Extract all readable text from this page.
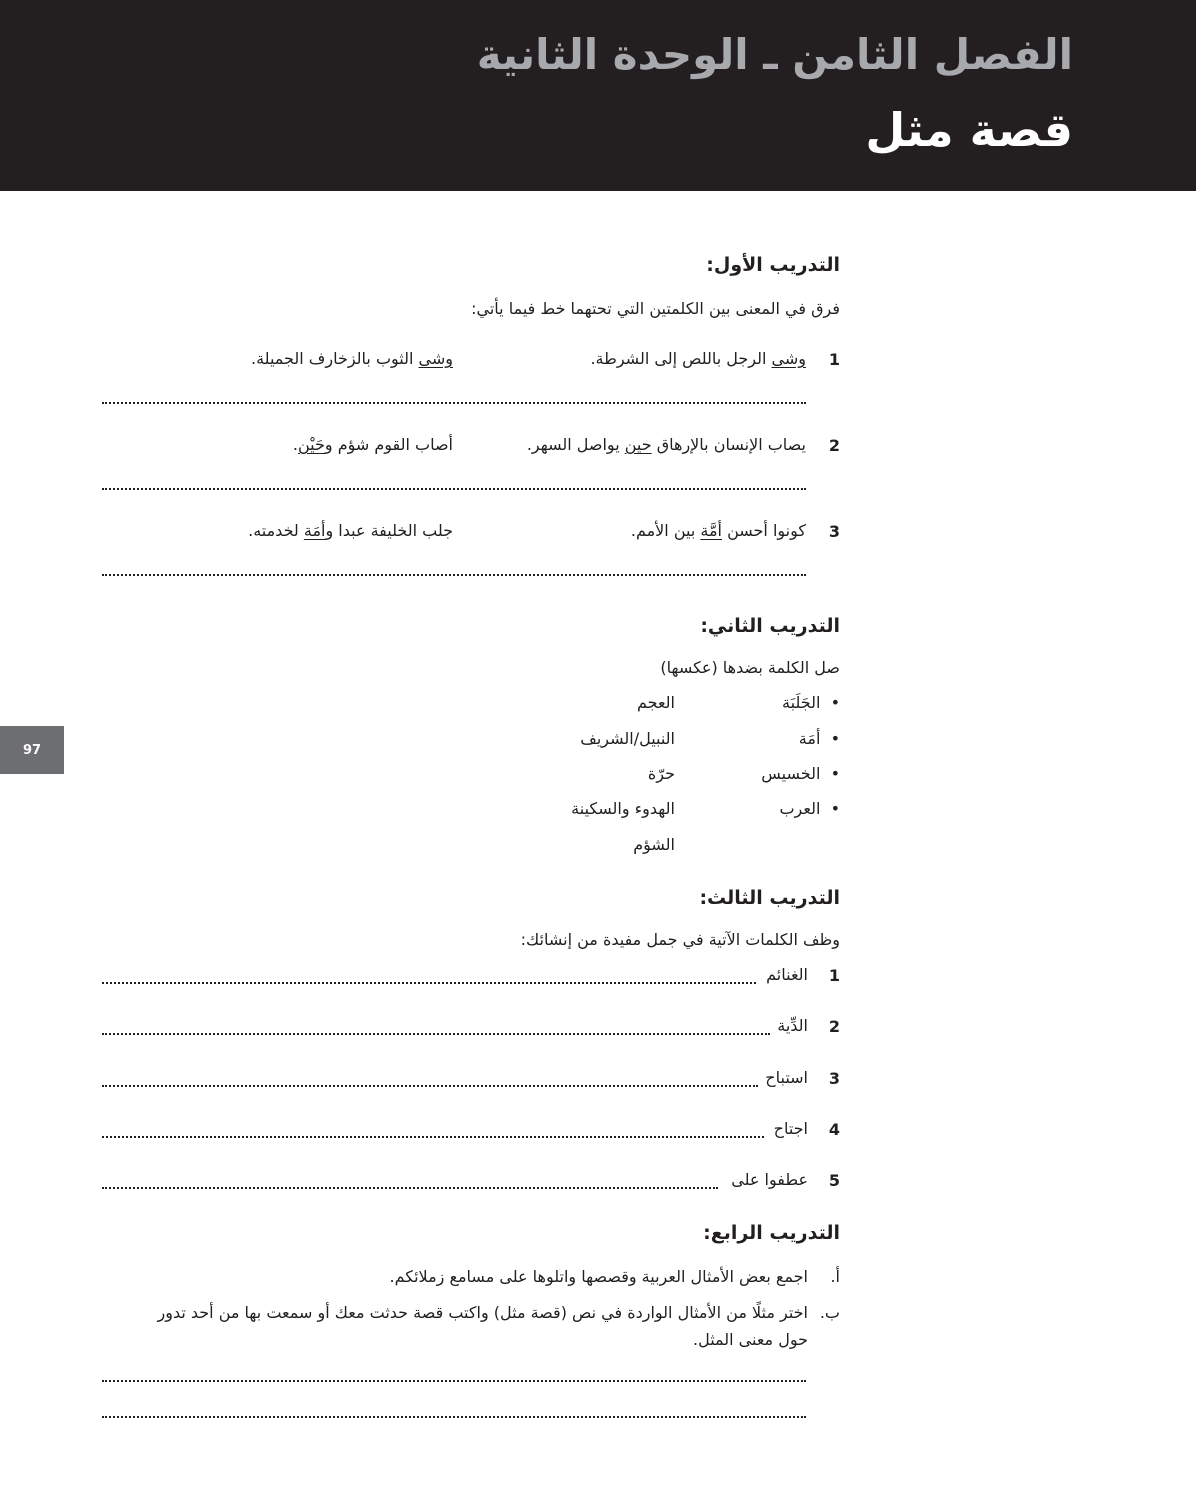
الفصل الثامن ـ الوحدة الثانية
قصة مثل
97
التدريب الأول:
فرق في المعنى بين الكلمتين التي تحتهما خط فيما يأتي:
1
وشى الرجل باللص إلى الشرطة.
وشى الثوب بالزخارف الجميلة.
2
يصاب الإنسان بالإرهاق حين يواصل السهر.
أصاب القوم شؤم وحَيْن.
3
كونوا أحسن أمَّة بين الأمم.
جلب الخليفة عبدا وأمَة لخدمته.
التدريب الثاني:
صل الكلمة بضدها (عكسها)
•  الجَلَبَة
•  أمَة
•  الخسيس
•  العرب
العجم
النبيل/الشريف
حرّة
الهدوء والسكينة
الشؤم
التدريب الثالث:
وظف الكلمات الآتية في جمل مفيدة من إنشائك:
1
الغنائم
2
الدِّية
3
استباح
4
اجتاح
5
عطفوا على
التدريب الرابع:
أ.
اجمع بعض الأمثال العربية وقصصها واتلوها على مسامع زملائكم.
ب.
اختر مثلًا من الأمثال الواردة في نص (قصة مثل) واكتب قصة حدثت معك أو سمعت بها من أحد تدور
حول معنى المثل.
